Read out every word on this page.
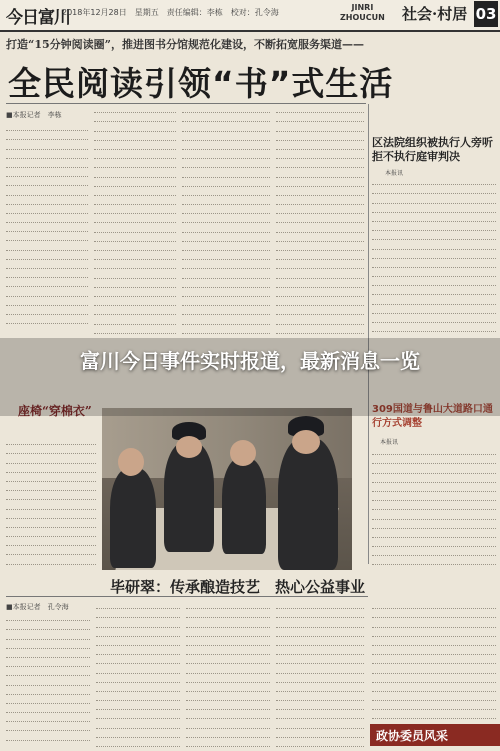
今日富川
2018年12月28日　星期五　责任编辑：李栋　校对：孔令海
JINRI
ZHOUCUN 社会·村居 03
打造“15分钟阅读圈”，推进图书分馆规范化建设，不断拓宽服务渠道——
全民阅读引领“书”式生活
■本报记者　李栋
区法院组织被执行人旁听拒不执行庭审判决
本报讯
309国道与鲁山大道路口通行方式调整
本报讯
座椅“穿棉衣”
富川今日事件实时报道，最新消息一览
毕研翠：传承酿造技艺　热心公益事业
■本报记者　孔令海
政协委员风采
